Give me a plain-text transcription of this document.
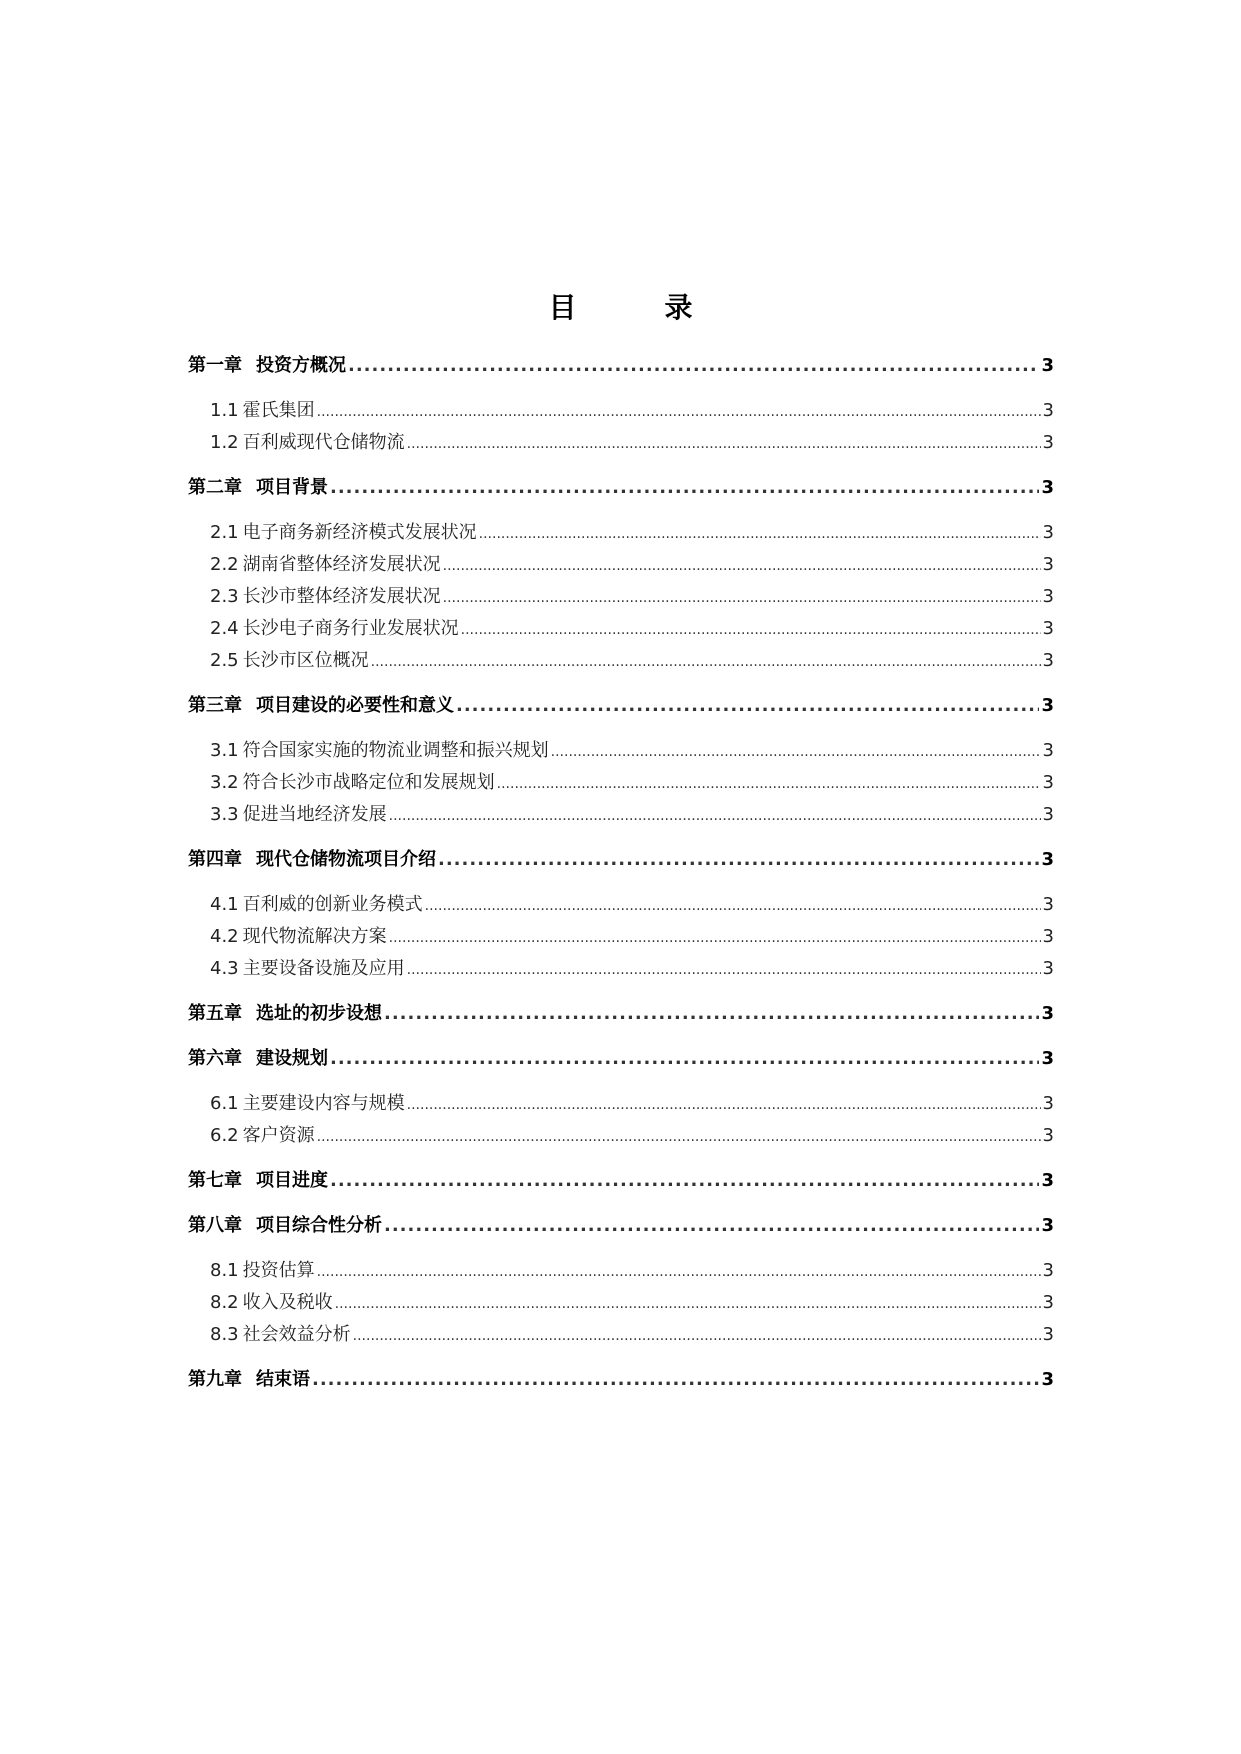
目　录
第一章 投资方概况 .....	3
1.1 霍氏集团 .....	3
1.2 百利威现代仓储物流 .....	3
第二章 项目背景 .....	3
2.1 电子商务新经济模式发展状况 .....	3
2.2 湖南省整体经济发展状况 .....	3
2.3 长沙市整体经济发展状况 .....	3
2.4 长沙电子商务行业发展状况 .....	3
2.5 长沙市区位概况 .....	3
第三章 项目建设的必要性和意义 .....	3
3.1 符合国家实施的物流业调整和振兴规划 .....	3
3.2 符合长沙市战略定位和发展规划 .....	3
3.3 促进当地经济发展 .....	3
第四章 现代仓储物流项目介绍 .....	3
4.1 百利威的创新业务模式 .....	3
4.2 现代物流解决方案 .....	3
4.3 主要设备设施及应用 .....	3
第五章 选址的初步设想 .....	3
第六章 建设规划 .....	3
6.1 主要建设内容与规模 .....	3
6.2 客户资源 .....	3
第七章 项目进度 .....	3
第八章 项目综合性分析 .....	3
8.1 投资估算 .....	3
8.2 收入及税收 .....	3
8.3 社会效益分析 .....	3
第九章 结束语 .....	3
